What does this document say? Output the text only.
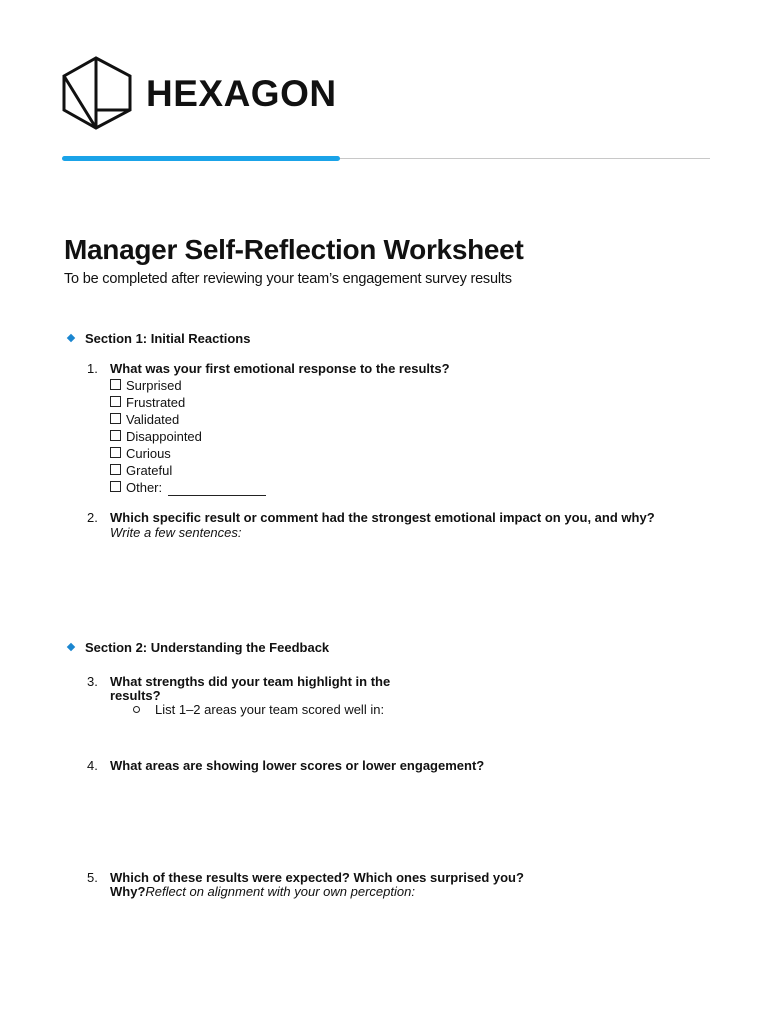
HEXAGON
Manager Self-Reflection Worksheet
To be completed after reviewing your team’s engagement survey results
Section 1: Initial Reactions
1. What was your first emotional response to the results?
Surprised
Frustrated
Validated
Disappointed
Curious
Grateful
Other:
2. Which specific result or comment had the strongest emotional impact on you, and why?
Write a few sentences:
Section 2: Understanding the Feedback
3. What strengths did your team highlight in the
results?
List 1–2 areas your team scored well in:
4. What areas are showing lower scores or lower engagement?
5. Which of these results were expected? Which ones surprised you?
Why?Reflect on alignment with your own perception:
